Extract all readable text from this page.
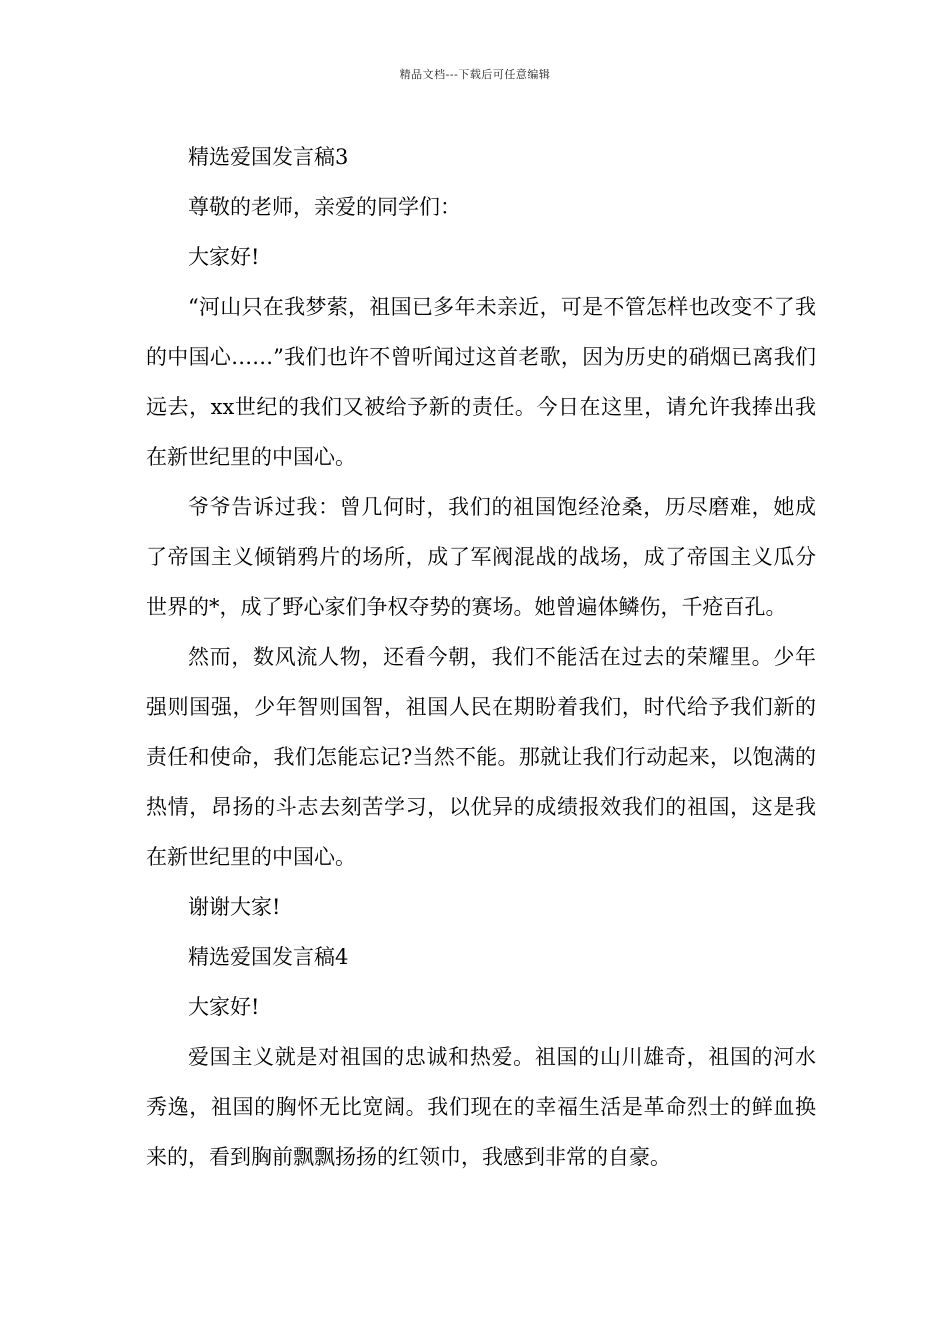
精品文档---下载后可任意编辑

精选爱国发言稿3

尊敬的老师，亲爱的同学们：

大家好!

“河山只在我梦萦，祖国已多年未亲近，可是不管怎样也改变不了我的中国心……”我们也许不曾听闻过这首老歌，因为历史的硝烟已离我们远去，xx世纪的我们又被给予新的责任。今日在这里，请允许我捧出我在新世纪里的中国心。

爷爷告诉过我：曾几何时，我们的祖国饱经沧桑，历尽磨难，她成了帝国主义倾销鸦片的场所，成了军阀混战的战场，成了帝国主义瓜分世界的*，成了野心家们争权夺势的赛场。她曾遍体鳞伤，千疮百孔。

然而，数风流人物，还看今朝，我们不能活在过去的荣耀里。少年强则国强，少年智则国智，祖国人民在期盼着我们，时代给予我们新的责任和使命，我们怎能忘记?当然不能。那就让我们行动起来，以饱满的热情，昂扬的斗志去刻苦学习，以优异的成绩报效我们的祖国，这是我在新世纪里的中国心。

谢谢大家!

精选爱国发言稿4

大家好!

爱国主义就是对祖国的忠诚和热爱。祖国的山川雄奇，祖国的河水秀逸，祖国的胸怀无比宽阔。我们现在的幸福生活是革命烈士的鲜血换来的，看到胸前飘飘扬扬的红领巾，我感到非常的自豪。
